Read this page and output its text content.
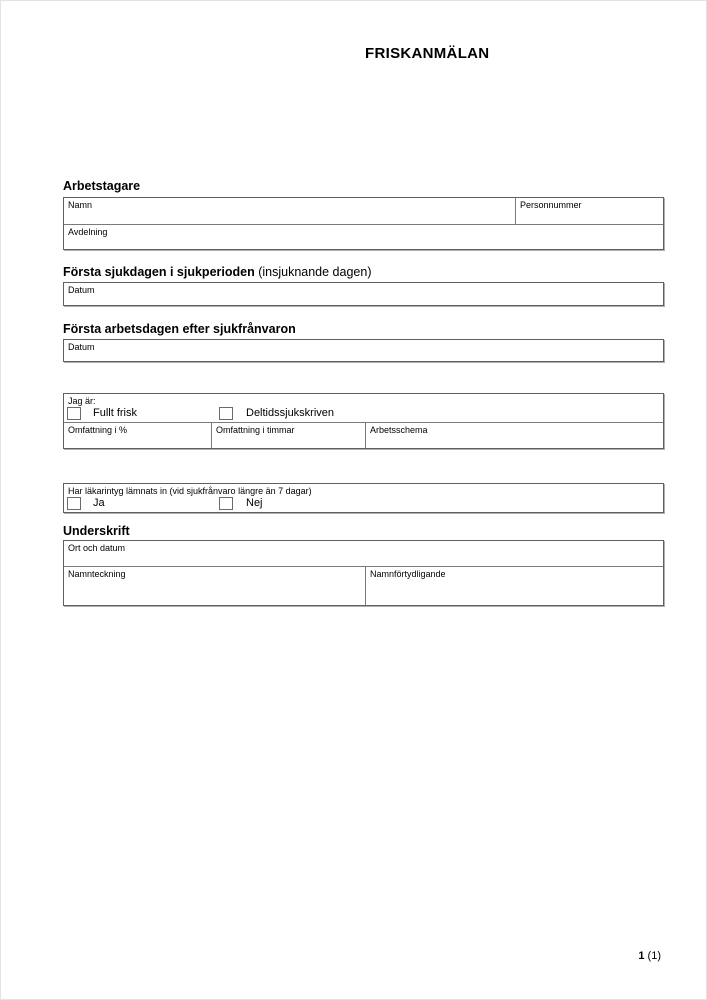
FRISKANMÄLAN
Arbetstagare
Namn	Personnummer
Avdelning
Första sjukdagen i sjukperioden (insjuknande dagen)
Datum
Första arbetsdagen efter sjukfrånvaron
Datum
Jag är:
Fullt frisk	Deltidssjukskriven
Omfattning i %	Omfattning i timmar	Arbetsschema
Har läkarintyg lämnats in (vid sjukfrånvaro längre än 7 dagar)
Ja	Nej
Underskrift
Ort och datum
Namnteckning	Namnförtydligande
1 (1)
